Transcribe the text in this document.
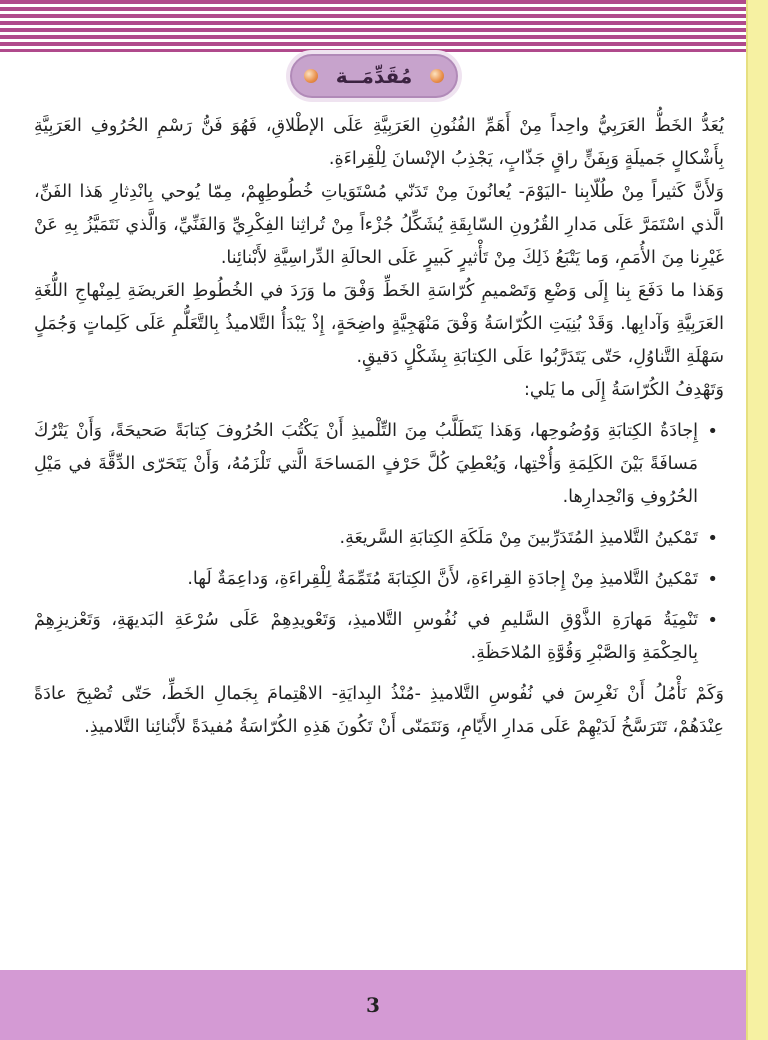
مُقَدِّمَــة

يُعَدُّ الخَطُّ العَرَبِيُّ واحِداً مِنْ أَهَمِّ الفُنُونِ العَرَبِيَّةِ عَلَى الإطْلاقِ، فَهُوَ فَنُّ رَسْمِ الحُرُوفِ العَرَبِيَّةِ بِأَشْكالٍ جَميلَةٍ وَبِفَنٍّ راقٍ جَذّابٍ، يَجْذِبُ الإنْسانَ لِلْقِراءَةِ.

وَلأَنَّ كَثيراً مِنْ طُلّابِنا -اليَوْمَ- يُعانُونَ مِنْ تَدَنّي مُسْتَوَياتِ خُطُوطِهِمْ، مِمّا يُوحي بِانْدِثارِ هَذا الفَنِّ، الَّذي اسْتَمَرَّ عَلَى مَدارِ القُرُونِ السّابِقَةِ يُشَكِّلُ جُزْءاً مِنْ تُراثِنا الفِكْرِيِّ وَالفَنِّيِّ، وَالَّذي نَتَمَيَّزُ بِهِ عَنْ غَيْرِنا مِنَ الأُمَمِ، وَما يَتْبَعُ ذَلِكَ مِنْ تَأْثيرٍ كَبيرٍ عَلَى الحالَةِ الدِّراسِيَّةِ لأَبْنائِنا.

وَهَذا ما دَفَعَ بِنا إِلَى وَضْعِ وَتَصْميمِ كُرّاسَةِ الخَطِّ وَفْقَ ما وَرَدَ في الخُطُوطِ العَريضَةِ لِمِنْهاجِ اللُّغَةِ العَرَبِيَّةِ وَآدابِها. وَقَدْ بُنِيَتِ الكُرّاسَةُ وَفْقَ مَنْهَجِيَّةٍ واضِحَةٍ، إِذْ يَبْدَأُ التَّلاميذُ بِالتَّعَلُّمِ عَلَى كَلِماتٍ وَجُمَلٍ سَهْلَةِ التَّناوُلِ، حَتّى يَتَدَرَّبُوا عَلَى الكِتابَةِ بِشَكْلٍ دَقيقٍ.

وَتَهْدِفُ الكُرّاسَةُ إِلَى ما يَلي:

• إِجادَةُ الكِتابَةِ وَوُضُوحِها، وَهَذا يَتَطَلَّبُ مِنَ التِّلْميذِ أَنْ يَكْتُبَ الحُرُوفَ كِتابَةً صَحيحَةً، وَأَنْ يَتْرُكَ مَسافَةً بَيْنَ الكَلِمَةِ وَأُخْتِها، وَيُعْطِيَ كُلَّ حَرْفٍ المَساحَةَ الَّتي تَلْزَمُهُ، وَأَنْ يَتَحَرّى الدِّقَّةَ في مَيْلِ الحُرُوفِ وَانْحِدارِها.
• تَمْكينُ التَّلاميذِ المُتَدَرِّبينَ مِنْ مَلَكَةِ الكِتابَةِ السَّريعَةِ.
• تَمْكينُ التَّلاميذِ مِنْ إِجادَةِ القِراءَةِ، لأَنَّ الكِتابَةَ مُتَمِّمَةٌ لِلْقِراءَةِ، وَداعِمَةٌ لَها.
• تَنْمِيَةُ مَهارَةِ الذَّوْقِ السَّليمِ في نُفُوسِ التَّلاميذِ، وَتَعْويدِهِمْ عَلَى سُرْعَةِ البَديهَةِ، وَتَعْزيزِهِمْ بِالحِكْمَةِ وَالصَّبْرِ وَقُوَّةِ المُلاحَظَةِ.

وَكَمْ نَأْمُلُ أَنْ نَغْرِسَ في نُفُوسِ التَّلاميذِ -مُنْذُ البِدايَةِ- الاهْتِمامَ بِجَمالِ الخَطِّ، حَتّى تُصْبِحَ عادَةً عِنْدَهُمْ، تَتَرَسَّخُ لَدَيْهِمْ عَلَى مَدارِ الأَيّامِ، وَنَتَمَنّى أَنْ تَكُونَ هَذِهِ الكُرّاسَةُ مُفيدَةً لأَبْنائِنا التَّلاميذِ.

3
